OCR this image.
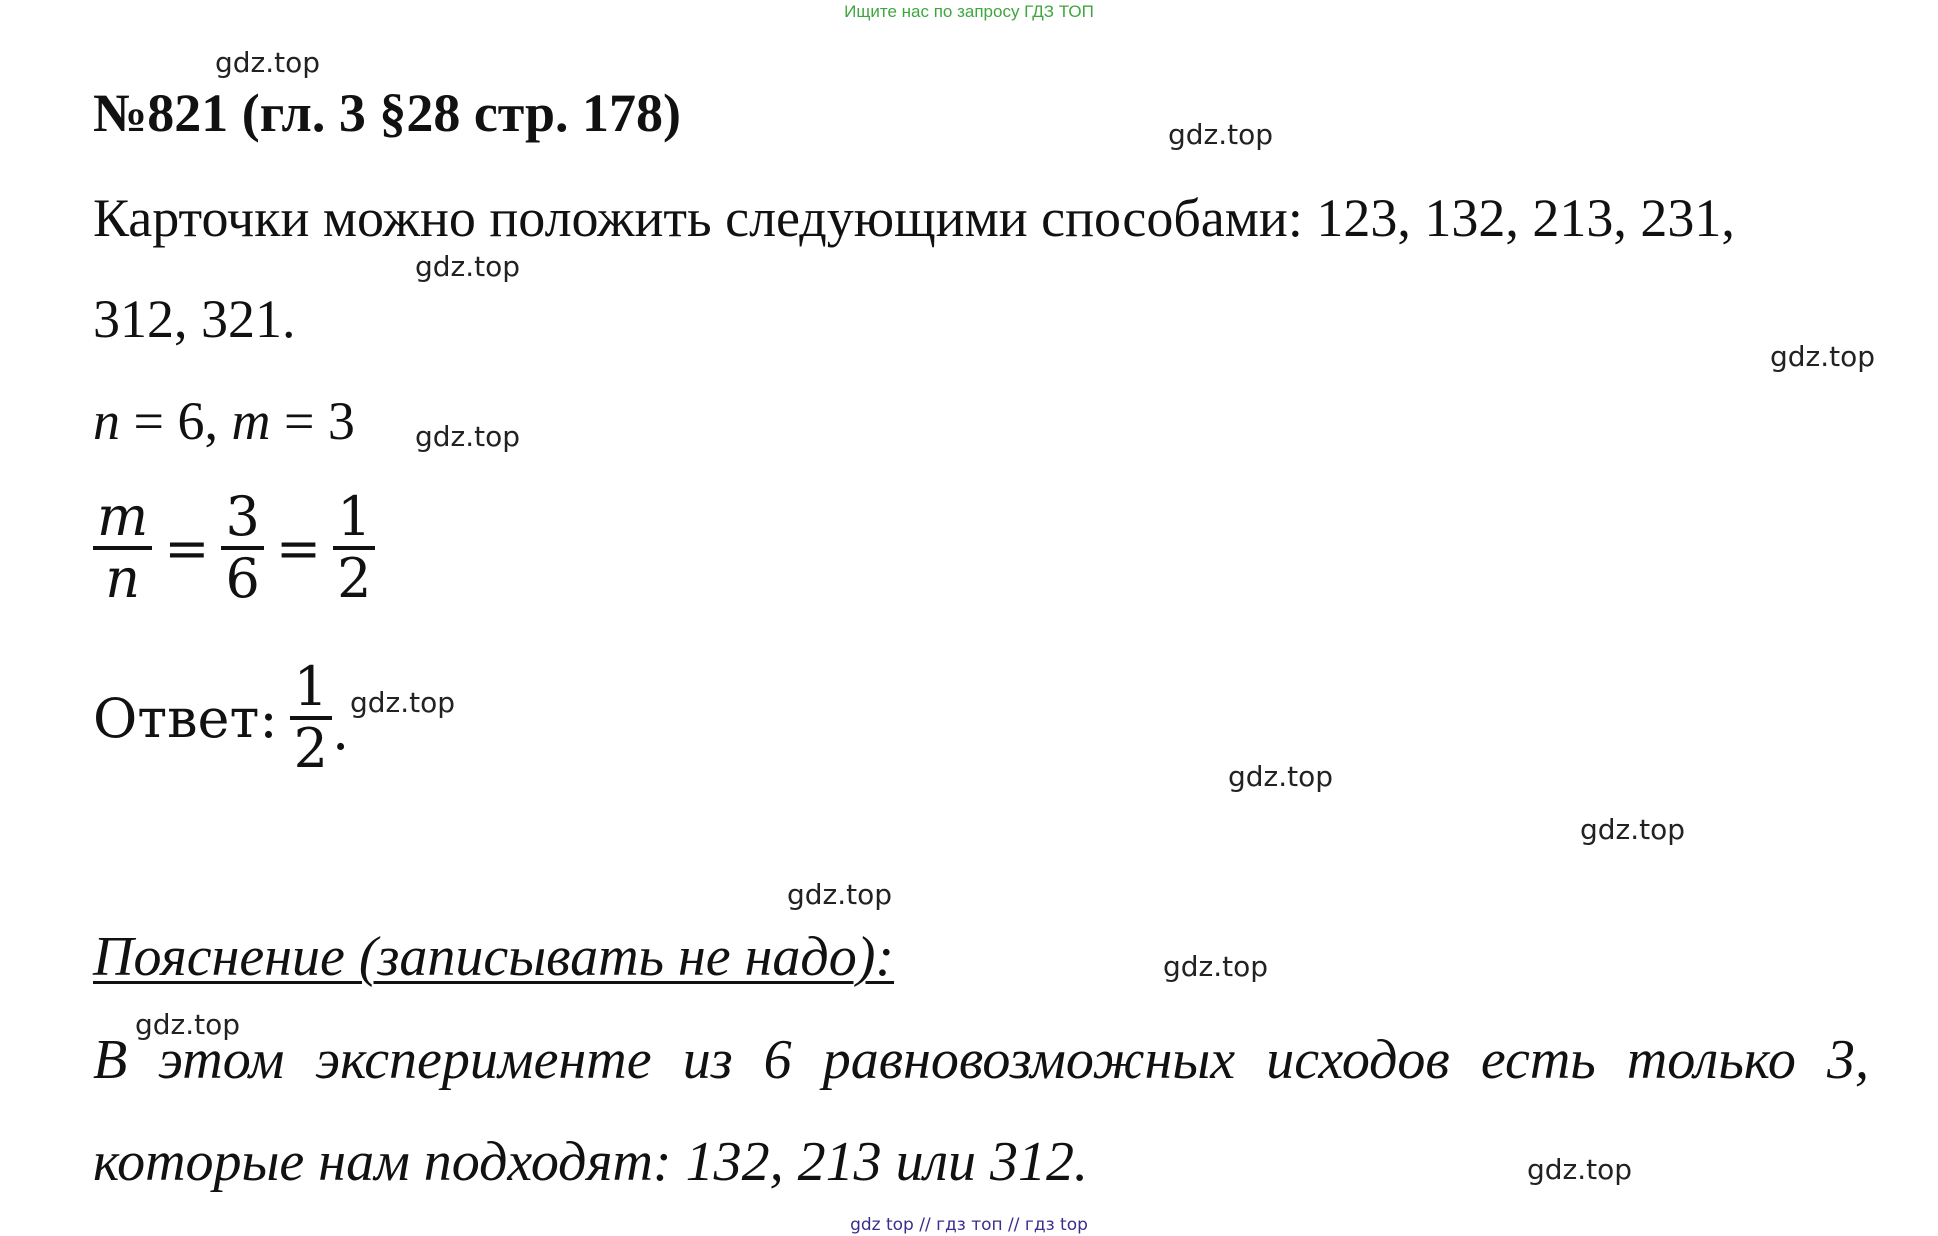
Ищите нас по запросу ГДЗ ТОП
gdz.top
gdz.top
gdz.top
gdz.top
gdz.top
gdz.top
gdz.top
gdz.top
gdz.top
gdz.top
gdz.top
gdz.top
№821 (гл. 3 §28 стр. 178)
Карточки можно положить следующими способами: 123, 132, 213, 231,
312, 321.
n = 6, m = 3
$\frac{m}{n} = \frac{3}{6} = \frac{1}{2}$
Ответ: $\frac{1}{2}$ .
Пояснение (записывать не надо):
В этом эксперименте из 6 равновозможных исходов есть только 3,
которые нам подходят: 132, 213 или 312.
gdz top // гдз топ // гдз top
